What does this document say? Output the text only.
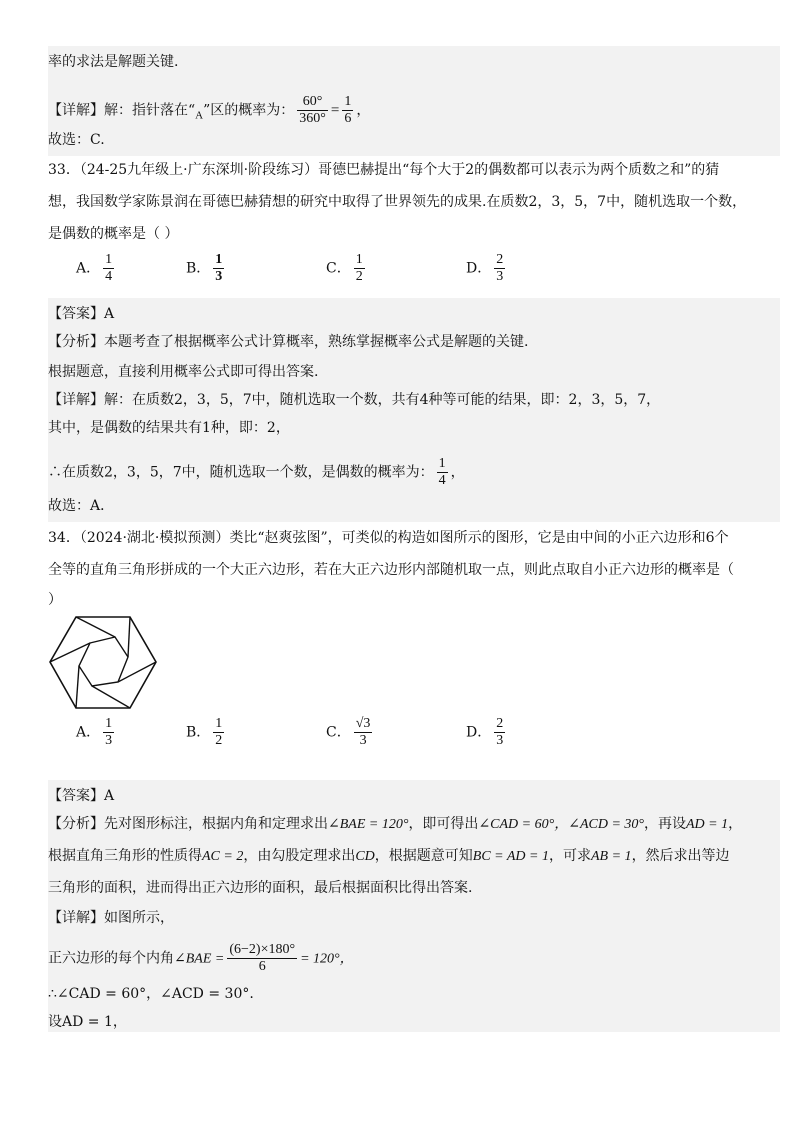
率的求法是解题关键.
【详解】解：指针落在“$_A$”区的概率为： $\frac{60^\circ}{360^\circ} = \frac{1}{6}$ ，
故选：C.
33．（24-25九年级上·广东深圳·阶段练习）哥德巴赫提出“每个大于2的偶数都可以表示为两个质数之和”的猜
想，我国数学家陈景润在哥德巴赫猜想的研究中取得了世界领先的成果.在质数2，3，5，7中，随机选取一个数，
是偶数的概率是（ ）
A． $\frac{1}{4}$	B． $\frac{1}{3}$	C． $\frac{1}{2}$	D． $\frac{2}{3}$
【答案】A
【分析】本题考查了根据概率公式计算概率，熟练掌握概率公式是解题的关键.
根据题意，直接利用概率公式即可得出答案.
【详解】解：在质数2，3，5，7中，随机选取一个数，共有4种等可能的结果，即：2，3，5，7，
其中，是偶数的结果共有1种，即：2，
∴在质数2，3，5，7中，随机选取一个数，是偶数的概率为： $\frac{1}{4}$ ，
故选：A．
34．（2024·湖北·模拟预测）类比“赵爽弦图”，可类似的构造如图所示的图形，它是由中间的小正六边形和6个
全等的直角三角形拼成的一个大正六边形，若在大正六边形内部随机取一点，则此点取自小正六边形的概率是（
）
A． $\frac{1}{3}$	B． $\frac{1}{2}$	C． $\frac{√3}{3}$	D． $\frac{2}{3}$
【答案】A
【分析】先对图形标注，根据内角和定理求出∠BAE = 120°，即可得出∠CAD = 60°，∠ACD = 30°，再设AD = 1，
根据直角三角形的性质得AC = 2，由勾股定理求出CD，根据题意可知BC = AD = 1，可求AB = 1，然后求出等边
三角形的面积，进而得出正六边形的面积，最后根据面积比得出答案.
【详解】如图所示，
正六边形的每个内角∠BAE = $\frac{(6-2)\times 180^\circ}{6} = 120^\circ$，
∴∠CAD = 60°，∠ACD = 30°.
设AD = 1，
